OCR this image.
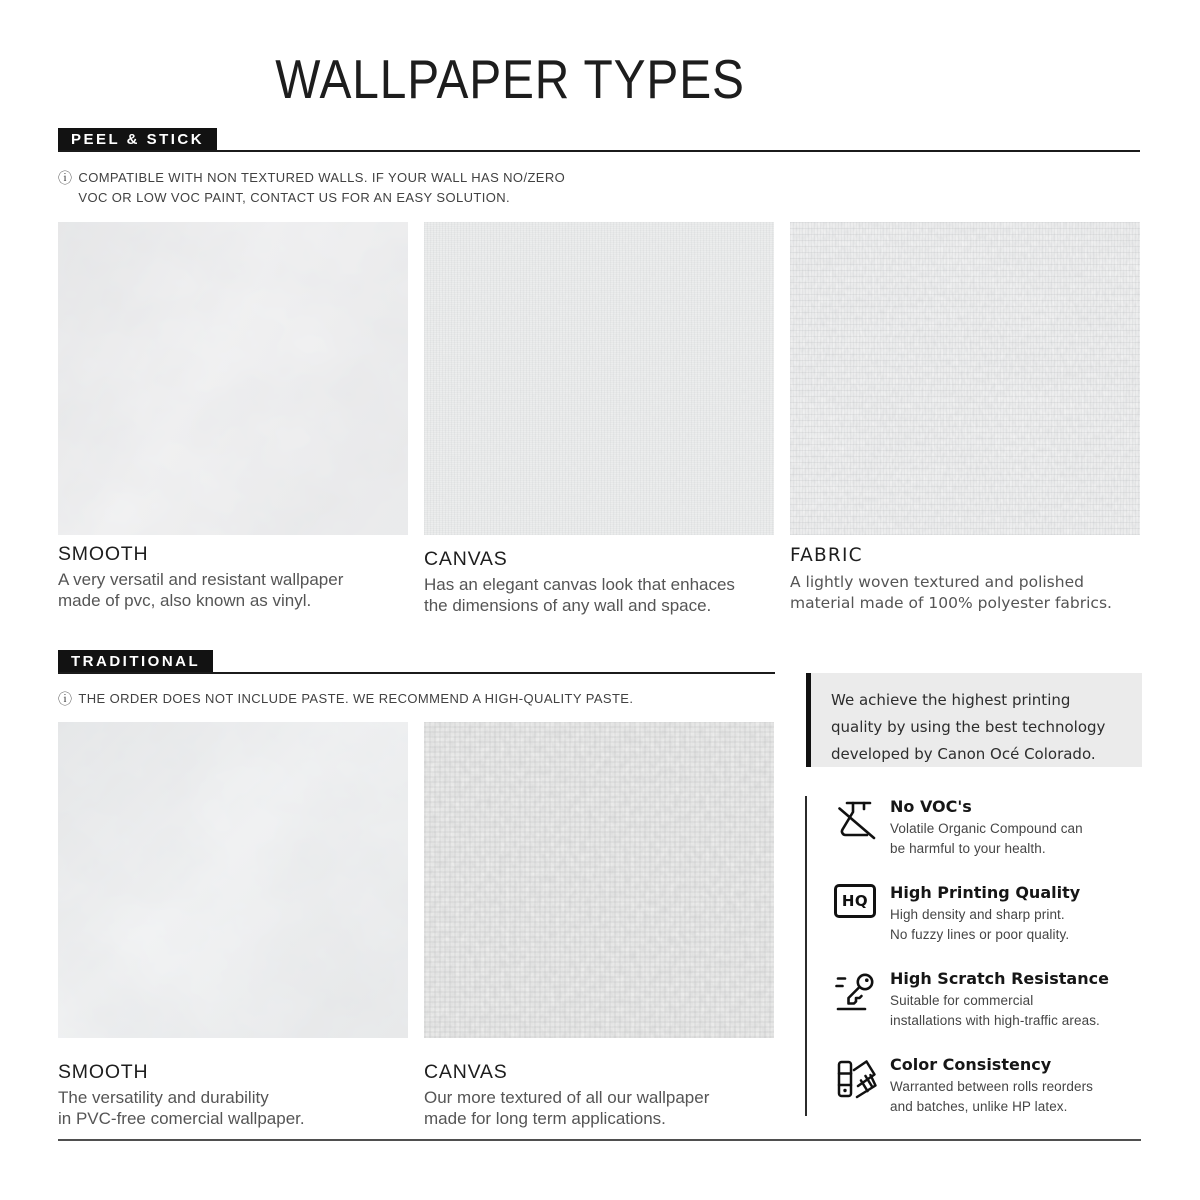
WALLPAPER TYPES
PEEL & STICK
ⓘ COMPATIBLE WITH NON TEXTURED WALLS. IF YOUR WALL HAS NO/ZERO
VOC OR LOW VOC PAINT, CONTACT US FOR AN EASY SOLUTION.
SMOOTH
A very versatil and resistant wallpaper
made of pvc, also known as vinyl.
CANVAS
Has an elegant canvas look that enhaces
the dimensions of any wall and space.
FABRIC
A lightly woven textured and polished
material made of 100% polyester fabrics.
TRADITIONAL
ⓘ THE ORDER DOES NOT INCLUDE PASTE. WE RECOMMEND A HIGH-QUALITY PASTE.
SMOOTH
The versatility and durability
in PVC-free comercial wallpaper.
CANVAS
Our more textured of all our wallpaper
made for long term applications.
We achieve the highest printing
quality by using the best technology
developed by Canon Océ Colorado.
No VOC's
Volatile Organic Compound can
be harmful to your health.
HQ	High Printing Quality
High density and sharp print.
No fuzzy lines or poor quality.
High Scratch Resistance
Suitable for commercial
installations with high-traffic areas.
Color Consistency
Warranted between rolls reorders
and batches, unlike HP latex.
